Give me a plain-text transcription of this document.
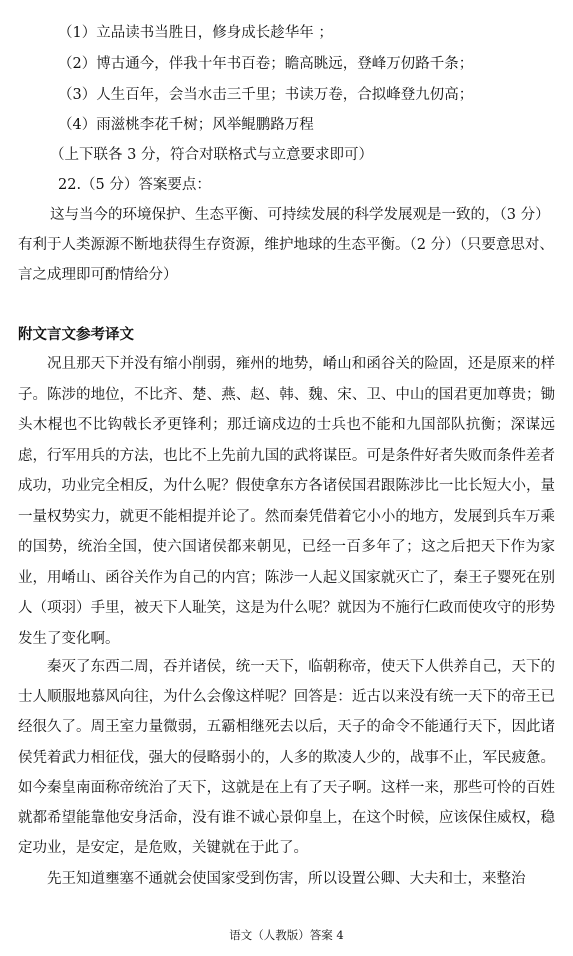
（1）立品读书当胜日，修身成长趁华年 ；
（2）博古通今，伴我十年书百卷；瞻高眺远，登峰万仞路千条；
（3）人生百年，会当水击三千里；书读万卷，合拟峰登九仞高；
（4）雨滋桃李花千树；风举鲲鹏路万程
（上下联各 3 分，符合对联格式与立意要求即可）
22.（5 分）答案要点：
这与当今的环境保护、生态平衡、可持续发展的科学发展观是一致的，（3 分）
有利于人类源源不断地获得生存资源，维护地球的生态平衡。（2 分）（只要意思对、
言之成理即可酌情给分）
附文言文参考译文
　　况且那天下并没有缩小削弱，雍州的地势，崤山和函谷关的险固，还是原来的样子。陈涉的地位，不比齐、楚、燕、赵、韩、魏、宋、卫、中山的国君更加尊贵；锄头木棍也不比钩戟长矛更锋利；那迁谪戍边的士兵也不能和九国部队抗衡；深谋远虑，行军用兵的方法，也比不上先前九国的武将谋臣。可是条件好者失败而条件差者成功，功业完全相反，为什么呢？假使拿东方各诸侯国君跟陈涉比一比长短大小，量一量权势实力，就更不能相提并论了。然而秦凭借着它小小的地方，发展到兵车万乘的国势，统治全国，使六国诸侯都来朝见，已经一百多年了；这之后把天下作为家业，用崤山、函谷关作为自己的内宫；陈涉一人起义国家就灭亡了，秦王子婴死在别人（项羽）手里，被天下人耻笑，这是为什么呢？就因为不施行仁政而使攻守的形势发生了变化啊。
　　秦灭了东西二周，吞并诸侯，统一天下，临朝称帝，使天下人供养自己，天下的士人顺服地慕风向往，为什么会像这样呢？回答是：近古以来没有统一天下的帝王已经很久了。周王室力量微弱，五霸相继死去以后，天子的命令不能通行天下，因此诸侯凭着武力相征伐，强大的侵略弱小的，人多的欺凌人少的，战事不止，军民疲惫。如今秦皇南面称帝统治了天下，这就是在上有了天子啊。这样一来，那些可怜的百姓就都希望能靠他安身活命，没有谁不诚心景仰皇上，在这个时候，应该保住威权，稳定功业，是安定，是危败，关键就在于此了。
　　先王知道壅塞不通就会使国家受到伤害，所以设置公卿、大夫和士，来整治
语文（人教版）答案 4
